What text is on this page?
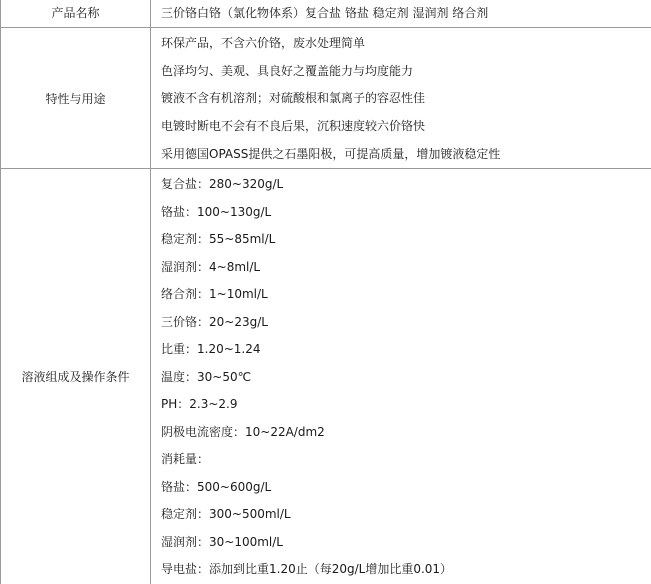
产品名称	三价铬白铬（氯化物体系）复合盐 铬盐 稳定剂 湿润剂 络合剂
特性与用途
环保产品，不含六价铬，废水处理简单
色泽均匀、美观、具良好之覆盖能力与均度能力
镀液不含有机溶剂；对硫酸根和氯离子的容忍性佳
电镀时断电不会有不良后果，沉积速度较六价铬快
采用德国OPASS提供之石墨阳极，可提高质量，增加镀液稳定性
溶液组成及操作条件
复合盐：280~320g/L
铬盐：100~130g/L
稳定剂：55~85ml/L
湿润剂：4~8ml/L
络合剂：1~10ml/L
三价铬：20~23g/L
比重：1.20~1.24
温度：30~50℃
PH：2.3~2.9
阴极电流密度：10~22A/dm2
消耗量：
铬盐：500~600g/L
稳定剂：300~500ml/L
湿润剂：30~100ml/L
导电盐：添加到比重1.20止（每20g/L增加比重0.01）
